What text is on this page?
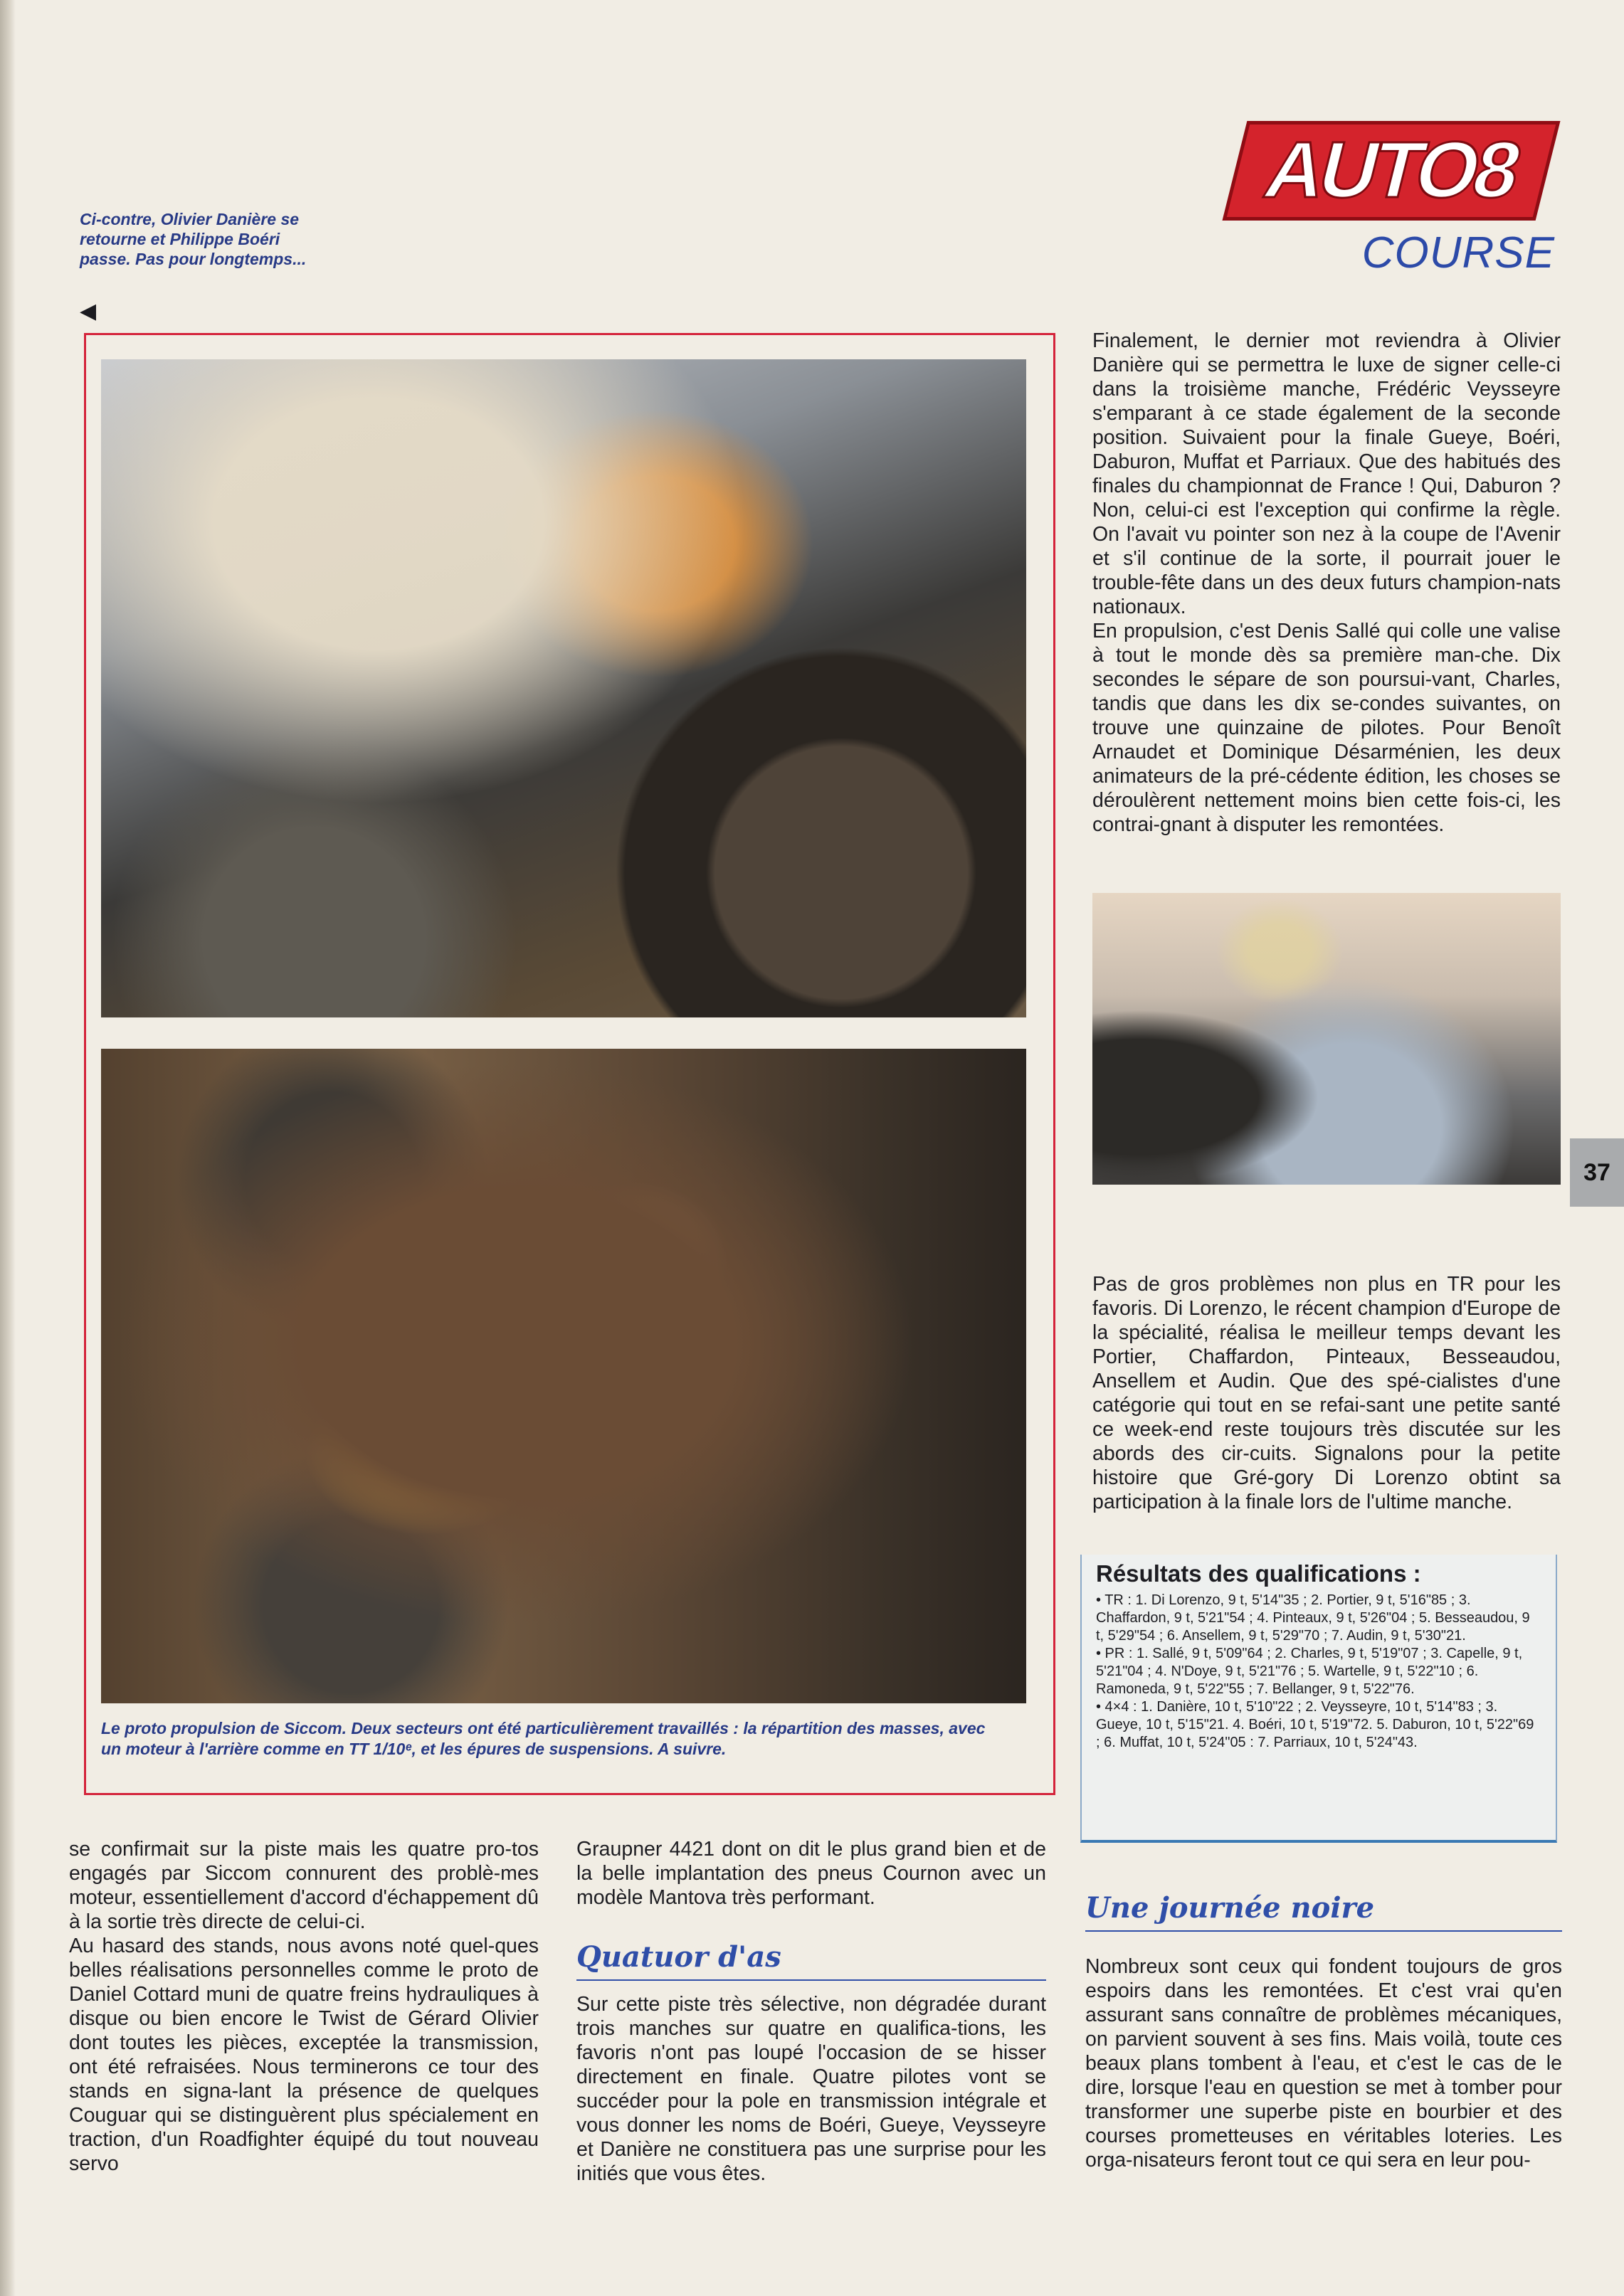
Ci-contre, Olivier Danière se retourne et Philippe Boéri passe. Pas pour longtemps...
◀
AUTO8
COURSE
Le proto propulsion de Siccom. Deux secteurs ont été particulièrement travaillés : la répartition des masses, avec un moteur à l'arrière comme en TT 1/10ᵉ, et les épures de suspensions. A suivre.

Finalement, le dernier mot reviendra à Olivier Danière qui se permettra le luxe de signer celle-ci dans la troisième manche, Frédéric Veysseyre s'emparant à ce stade également de la seconde position. Suivaient pour la finale Gueye, Boéri, Daburon, Muffat et Parriaux. Que des habitués des finales du championnat de France ! Qui, Daburon ? Non, celui-ci est l'exception qui confirme la règle. On l'avait vu pointer son nez à la coupe de l'Avenir et s'il continue de la sorte, il pourrait jouer le trouble-fête dans un des deux futurs champion-nats nationaux.

En propulsion, c'est Denis Sallé qui colle une valise à tout le monde dès sa première man-che. Dix secondes le sépare de son poursui-vant, Charles, tandis que dans les dix se-condes suivantes, on trouve une quinzaine de pilotes. Pour Benoît Arnaudet et Dominique Désarménien, les deux animateurs de la pré-cédente édition, les choses se déroulèrent nettement moins bien cette fois-ci, les contrai-gnant à disputer les remontées.

Pas de gros problèmes non plus en TR pour les favoris. Di Lorenzo, le récent champion d'Europe de la spécialité, réalisa le meilleur temps devant les Portier, Chaffardon, Pinteaux, Besseaudou, Ansellem et Audin. Que des spé-cialistes d'une catégorie qui tout en se refai-sant une petite santé ce week-end reste toujours très discutée sur les abords des cir-cuits. Signalons pour la petite histoire que Gré-gory Di Lorenzo obtint sa participation à la finale lors de l'ultime manche.

Résultats des qualifications :

• TR : 1. Di Lorenzo, 9 t, 5'14"35 ; 2. Portier, 9 t, 5'16"85 ; 3. Chaffardon, 9 t, 5'21"54 ; 4. Pinteaux, 9 t, 5'26"04 ; 5. Besseaudou, 9 t, 5'29"54 ; 6. Ansellem, 9 t, 5'29"70 ; 7. Audin, 9 t, 5'30"21.

• PR : 1. Sallé, 9 t, 5'09"64 ; 2. Charles, 9 t, 5'19"07 ; 3. Capelle, 9 t, 5'21"04 ; 4. N'Doye, 9 t, 5'21"76 ; 5. Wartelle, 9 t, 5'22"10 ; 6. Ramoneda, 9 t, 5'22"55 ; 7. Bellanger, 9 t, 5'22"76.

• 4×4 : 1. Danière, 10 t, 5'10"22 ; 2. Veysseyre, 10 t, 5'14"83 ; 3. Gueye, 10 t, 5'15"21. 4. Boéri, 10 t, 5'19"72. 5. Daburon, 10 t, 5'22"69 ; 6. Muffat, 10 t, 5'24"05 : 7. Parriaux, 10 t, 5'24"43.

se confirmait sur la piste mais les quatre pro-tos engagés par Siccom connurent des problè-mes moteur, essentiellement d'accord d'échappement dû à la sortie très directe de celui-ci.

Au hasard des stands, nous avons noté quel-ques belles réalisations personnelles comme le proto de Daniel Cottard muni de quatre freins hydrauliques à disque ou bien encore le Twist de Gérard Olivier dont toutes les pièces, exceptée la transmission, ont été refraisées. Nous terminerons ce tour des stands en signa-lant la présence de quelques Couguar qui se distinguèrent plus spécialement en traction, d'un Roadfighter équipé du tout nouveau servo

Graupner 4421 dont on dit le plus grand bien et de la belle implantation des pneus Cournon avec un modèle Mantova très performant.

Quatuor d'as

Sur cette piste très sélective, non dégradée durant trois manches sur quatre en qualifica-tions, les favoris n'ont pas loupé l'occasion de se hisser directement en finale. Quatre pilotes vont se succéder pour la pole en transmission intégrale et vous donner les noms de Boéri, Gueye, Veysseyre et Danière ne constituera pas une surprise pour les initiés que vous êtes.

Une journée noire

Nombreux sont ceux qui fondent toujours de gros espoirs dans les remontées. Et c'est vrai qu'en assurant sans connaître de problèmes mécaniques, on parvient souvent à ses fins. Mais voilà, toute ces beaux plans tombent à l'eau, et c'est le cas de le dire, lorsque l'eau en question se met à tomber pour transformer une superbe piste en bourbier et des courses prometteuses en véritables loteries. Les orga-nisateurs feront tout ce qui sera en leur pou-

37
